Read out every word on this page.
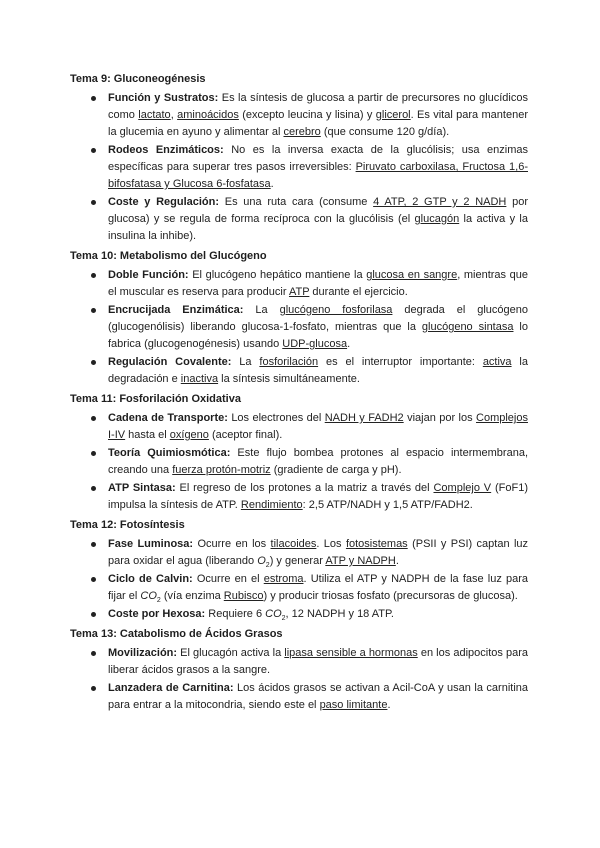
Tema 9: Gluconeogénesis
Función y Sustratos: Es la síntesis de glucosa a partir de precursores no glucídicos como lactato, aminoácidos (excepto leucina y lisina) y glicerol. Es vital para mantener la glucemia en ayuno y alimentar al cerebro (que consume 120 g/día).
Rodeos Enzimáticos: No es la inversa exacta de la glucólisis; usa enzimas específicas para superar tres pasos irreversibles: Piruvato carboxilasa, Fructosa 1,6-bifosfatasa y Glucosa 6-fosfatasa.
Coste y Regulación: Es una ruta cara (consume 4 ATP, 2 GTP y 2 NADH por glucosa) y se regula de forma recíproca con la glucólisis (el glucagón la activa y la insulina la inhibe).
Tema 10: Metabolismo del Glucógeno
Doble Función: El glucógeno hepático mantiene la glucosa en sangre, mientras que el muscular es reserva para producir ATP durante el ejercicio.
Encrucijada Enzimática: La glucógeno fosforilasa degrada el glucógeno (glucogenólisis) liberando glucosa-1-fosfato, mientras que la glucógeno sintasa lo fabrica (glucogenogénesis) usando UDP-glucosa.
Regulación Covalente: La fosforilación es el interruptor importante: activa la degradación e inactiva la síntesis simultáneamente.
Tema 11: Fosforilación Oxidativa
Cadena de Transporte: Los electrones del NADH y FADH2 viajan por los Complejos I-IV hasta el oxígeno (aceptor final).
Teoría Quimiosmótica: Este flujo bombea protones al espacio intermembrana, creando una fuerza protón-motriz (gradiente de carga y pH).
ATP Sintasa: El regreso de los protones a la matriz a través del Complejo V (FoF1) impulsa la síntesis de ATP. Rendimiento: 2,5 ATP/NADH y 1,5 ATP/FADH2.
Tema 12: Fotosíntesis
Fase Luminosa: Ocurre en los tilacoides. Los fotosistemas (PSII y PSI) captan luz para oxidar el agua (liberando $O_2$) y generar ATP y NADPH.
Ciclo de Calvin: Ocurre en el estroma. Utiliza el ATP y NADPH de la fase luz para fijar el $CO_2$ (vía enzima Rubisco) y producir triosas fosfato (precursoras de glucosa).
Coste por Hexosa: Requiere 6 $CO_2$, 12 NADPH y 18 ATP.
Tema 13: Catabolismo de Ácidos Grasos
Movilización: El glucagón activa la lipasa sensible a hormonas en los adipocitos para liberar ácidos grasos a la sangre.
Lanzadera de Carnitina: Los ácidos grasos se activan a Acil-CoA y usan la carnitina para entrar a la mitocondria, siendo este el paso limitante.
